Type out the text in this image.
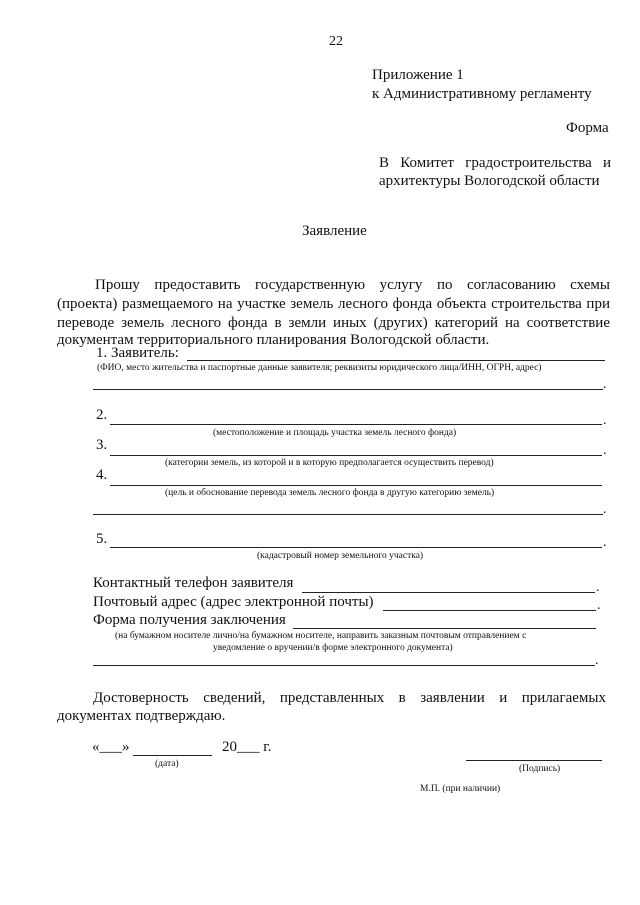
22
Приложение 1
к Административному регламенту
Форма
В Комитет градостроительства и
архитектуры Вологодской области
Заявление
Прошу предоставить государственную услугу по согласованию схемы
(проекта) размещаемого на участке земель лесного фонда объекта строительства при
переводе земель лесного фонда в земли иных (других) категорий на соответствие
документам территориального планирования Вологодской области.
1. Заявитель:
(ФИО, место жительства и паспортные данные заявителя; реквизиты юридического лица/ИНН, ОГРН, адрес)
.
2.	.
(местоположение и площадь участка земель лесного фонда)
3.	.
(категории земель, из которой и в которую предполагается осуществить перевод)
4.
(цель и обоснование перевода земель лесного фонда в другую категорию земель)
.
5.	.
(кадастровый номер земельного участка)
Контактный телефон заявителя	.
Почтовый адрес (адрес электронной почты)	.
Форма получения заключения
(на бумажном носителе лично/на бумажном носителе, направить заказным почтовым отправлением с
уведомление о вручении/в форме электронного документа)
.
Достоверность сведений, представленных в заявлении и прилагаемых
документах подтверждаю.
«___»	20___ г.
(дата)	(Подпись)
М.П. (при наличии)
